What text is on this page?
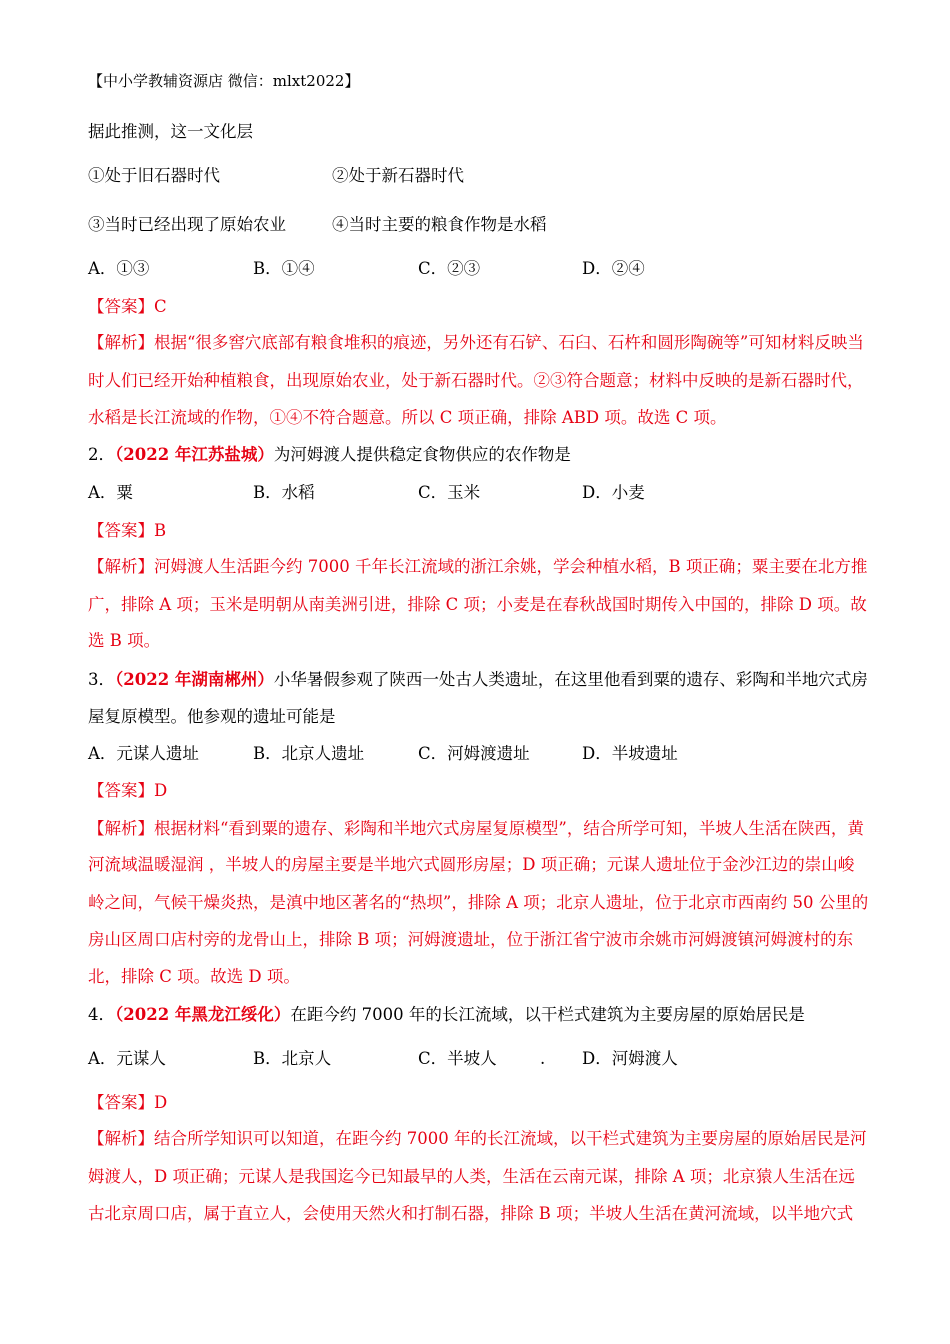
【中小学教辅资源店 微信：mlxt2022】
据此推测，这一文化层
①处于旧石器时代	②处于新石器时代
③当时已经出现了原始农业	④当时主要的粮食作物是水稻
A．①③	B．①④	C．②③	D．②④
【答案】C
【解析】根据“很多窖穴底部有粮食堆积的痕迹，另外还有石铲、石臼、石杵和圆形陶碗等”可知材料反映当
时人们已经开始种植粮食，出现原始农业，处于新石器时代。②③符合题意；材料中反映的是新石器时代，
水稻是长江流域的作物，①④不符合题意。所以 C 项正确，排除 ABD 项。故选 C 项。
2．（2022 年江苏盐城）为河姆渡人提供稳定食物供应的农作物是
A．粟	B．水稻	C．玉米	D．小麦
【答案】B
【解析】河姆渡人生活距今约 7000 千年长江流域的浙江余姚，学会种植水稻，B 项正确；粟主要在北方推
广，排除 A 项；玉米是明朝从南美洲引进，排除 C 项；小麦是在春秋战国时期传入中国的，排除 D 项。故
选 B 项。
3．（2022 年湖南郴州）小华暑假参观了陕西一处古人类遗址，在这里他看到粟的遗存、彩陶和半地穴式房
屋复原模型。他参观的遗址可能是
A．元谋人遗址	B．北京人遗址	C．河姆渡遗址	D．半坡遗址
【答案】D
【解析】根据材料“看到粟的遗存、彩陶和半地穴式房屋复原模型”，结合所学可知，半坡人生活在陕西，黄
河流域温暖湿润 ，半坡人的房屋主要是半地穴式圆形房屋；D 项正确；元谋人遗址位于金沙江边的崇山峻
岭之间，气候干燥炎热，是滇中地区著名的“热坝”，排除 A 项；北京人遗址，位于北京市西南约 50 公里的
房山区周口店村旁的龙骨山上，排除 B 项；河姆渡遗址，位于浙江省宁波市余姚市河姆渡镇河姆渡村的东
北，排除 C 项。故选 D 项。
4．（2022 年黑龙江绥化）在距今约 7000 年的长江流域，以干栏式建筑为主要房屋的原始居民是
A．元谋人	B．北京人	C．半坡人	. D．河姆渡人
【答案】D
【解析】结合所学知识可以知道，在距今约 7000 年的长江流域，以干栏式建筑为主要房屋的原始居民是河
姆渡人，D 项正确；元谋人是我国迄今已知最早的人类，生活在云南元谋，排除 A 项；北京猿人生活在远
古北京周口店，属于直立人，会使用天然火和打制石器，排除 B 项；半坡人生活在黄河流域，以半地穴式
